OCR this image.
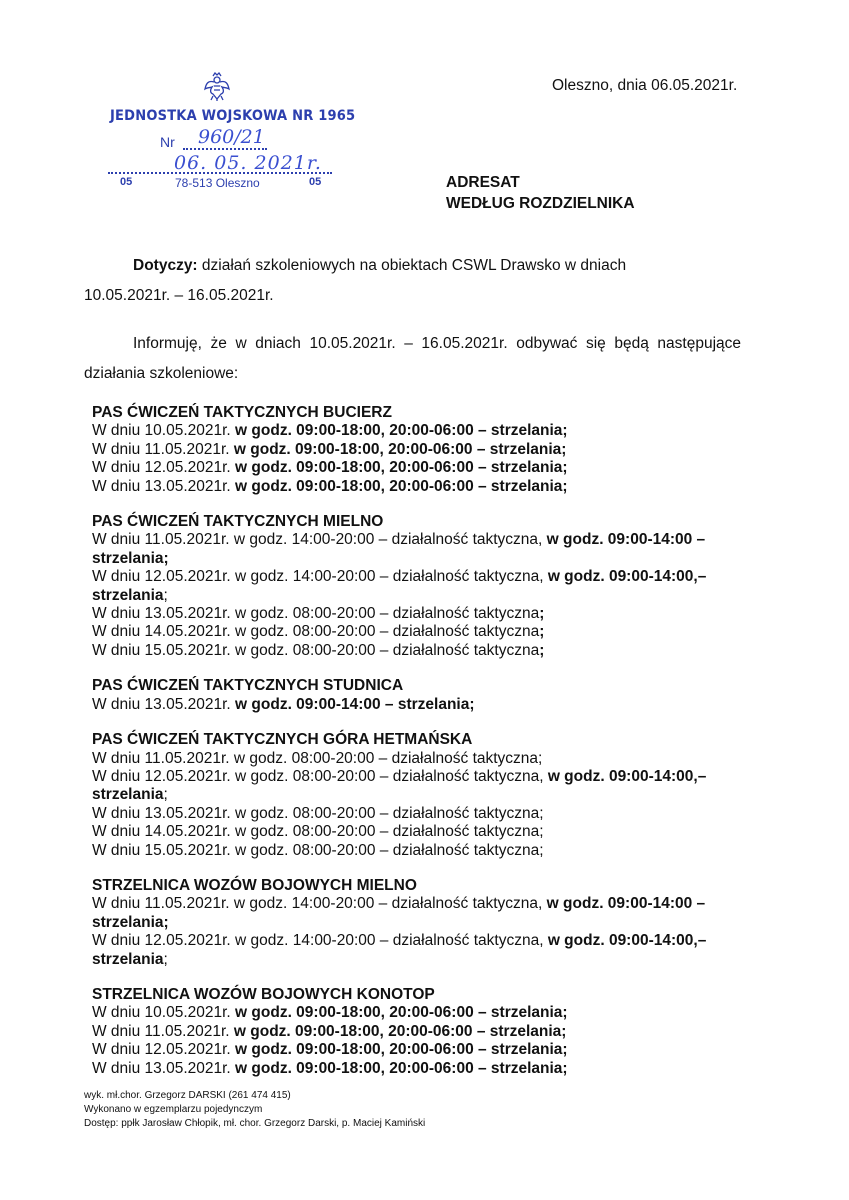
JEDNOSTKA WOJSKOWA NR 1965
Nr 960/21
06. 05. 2021r.
05	78-513 Oleszno	05
Oleszno, dnia 06.05.2021r.
ADRESAT
WEDŁUG ROZDZIELNIKA
Dotyczy: działań szkoleniowych na obiektach CSWL Drawsko w dniach
10.05.2021r. – 16.05.2021r.
Informuję, że w dniach 10.05.2021r. – 16.05.2021r. odbywać się będą następujące
działania szkoleniowe:
PAS ĆWICZEŃ TAKTYCZNYCH BUCIERZ
W dniu 10.05.2021r. w godz. 09:00-18:00, 20:00-06:00 – strzelania;
W dniu 11.05.2021r. w godz. 09:00-18:00, 20:00-06:00 – strzelania;
W dniu 12.05.2021r. w godz. 09:00-18:00, 20:00-06:00 – strzelania;
W dniu 13.05.2021r. w godz. 09:00-18:00, 20:00-06:00 – strzelania;
PAS ĆWICZEŃ TAKTYCZNYCH MIELNO
W dniu 11.05.2021r. w godz. 14:00-20:00 – działalność taktyczna, w godz. 09:00-14:00 – strzelania;
W dniu 12.05.2021r. w godz. 14:00-20:00 – działalność taktyczna, w godz. 09:00-14:00,– strzelania;
W dniu 13.05.2021r. w godz. 08:00-20:00 – działalność taktyczna;
W dniu 14.05.2021r. w godz. 08:00-20:00 – działalność taktyczna;
W dniu 15.05.2021r. w godz. 08:00-20:00 – działalność taktyczna;
PAS ĆWICZEŃ TAKTYCZNYCH STUDNICA
W dniu 13.05.2021r. w godz. 09:00-14:00 – strzelania;
PAS ĆWICZEŃ TAKTYCZNYCH GÓRA HETMAŃSKA
W dniu 11.05.2021r. w godz. 08:00-20:00 – działalność taktyczna;
W dniu 12.05.2021r. w godz. 08:00-20:00 – działalność taktyczna, w godz. 09:00-14:00,– strzelania;
W dniu 13.05.2021r. w godz. 08:00-20:00 – działalność taktyczna;
W dniu 14.05.2021r. w godz. 08:00-20:00 – działalność taktyczna;
W dniu 15.05.2021r. w godz. 08:00-20:00 – działalność taktyczna;
STRZELNICA WOZÓW BOJOWYCH MIELNO
W dniu 11.05.2021r. w godz. 14:00-20:00 – działalność taktyczna, w godz. 09:00-14:00 – strzelania;
W dniu 12.05.2021r. w godz. 14:00-20:00 – działalność taktyczna, w godz. 09:00-14:00,– strzelania;
STRZELNICA WOZÓW BOJOWYCH KONOTOP
W dniu 10.05.2021r. w godz. 09:00-18:00, 20:00-06:00 – strzelania;
W dniu 11.05.2021r. w godz. 09:00-18:00, 20:00-06:00 – strzelania;
W dniu 12.05.2021r. w godz. 09:00-18:00, 20:00-06:00 – strzelania;
W dniu 13.05.2021r. w godz. 09:00-18:00, 20:00-06:00 – strzelania;
wyk. mł.chor. Grzegorz DARSKI (261 474 415)
Wykonano w egzemplarzu pojedynczym
Dostęp: ppłk Jarosław Chłopik, mł. chor. Grzegorz Darski, p. Maciej Kamiński
